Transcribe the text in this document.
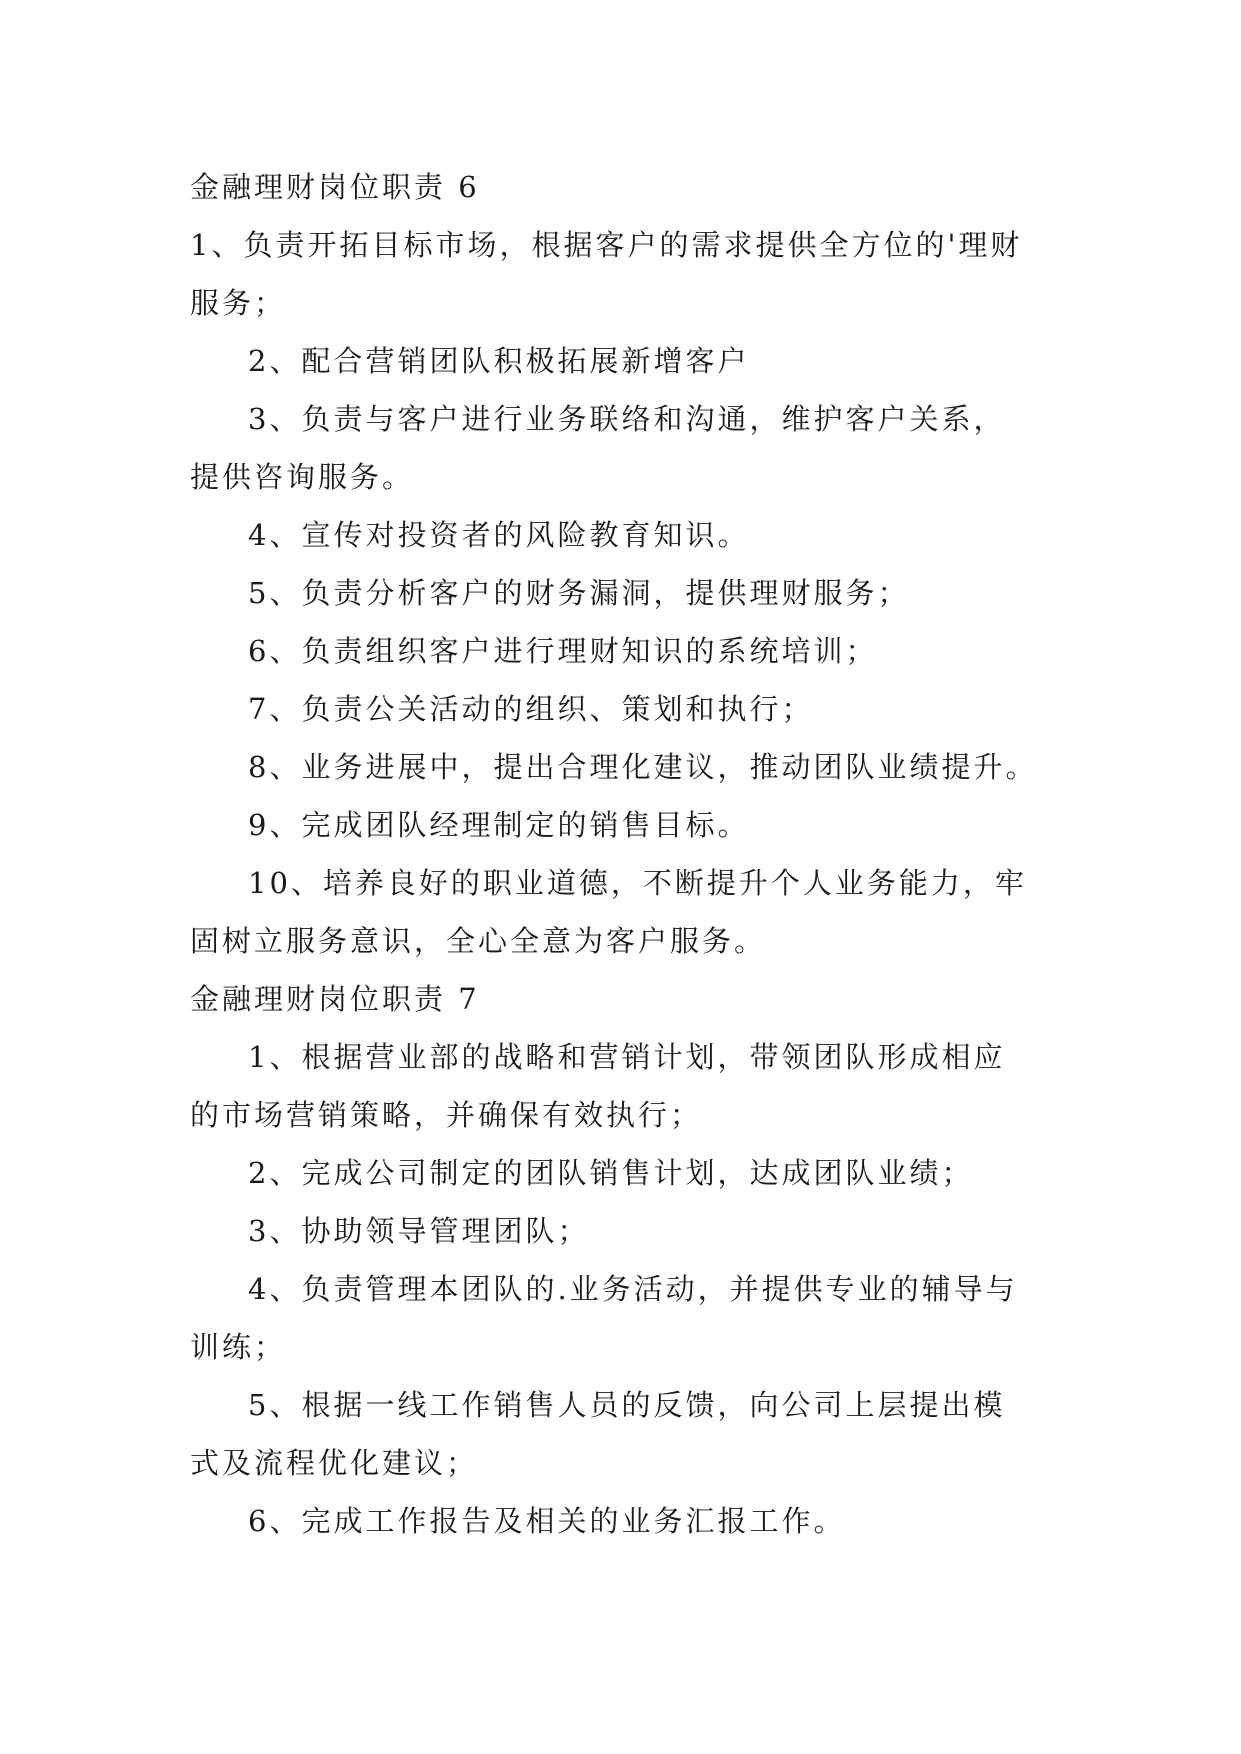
金融理财岗位职责 6

1、负责开拓目标市场，根据客户的需求提供全方位的'理财
服务；
2、配合营销团队积极拓展新增客户
3、负责与客户进行业务联络和沟通，维护客户关系，
提供咨询服务。
4、宣传对投资者的风险教育知识。
5、负责分析客户的财务漏洞，提供理财服务；
6、负责组织客户进行理财知识的系统培训；
7、负责公关活动的组织、策划和执行；
8、业务进展中，提出合理化建议，推动团队业绩提升。
9、完成团队经理制定的销售目标。
10、培养良好的职业道德，不断提升个人业务能力，牢
固树立服务意识，全心全意为客户服务。

金融理财岗位职责 7

1、根据营业部的战略和营销计划，带领团队形成相应
的市场营销策略，并确保有效执行；
2、完成公司制定的团队销售计划，达成团队业绩；
3、协助领导管理团队；
4、负责管理本团队的.业务活动，并提供专业的辅导与
训练；
5、根据一线工作销售人员的反馈，向公司上层提出模
式及流程优化建议；
6、完成工作报告及相关的业务汇报工作。
